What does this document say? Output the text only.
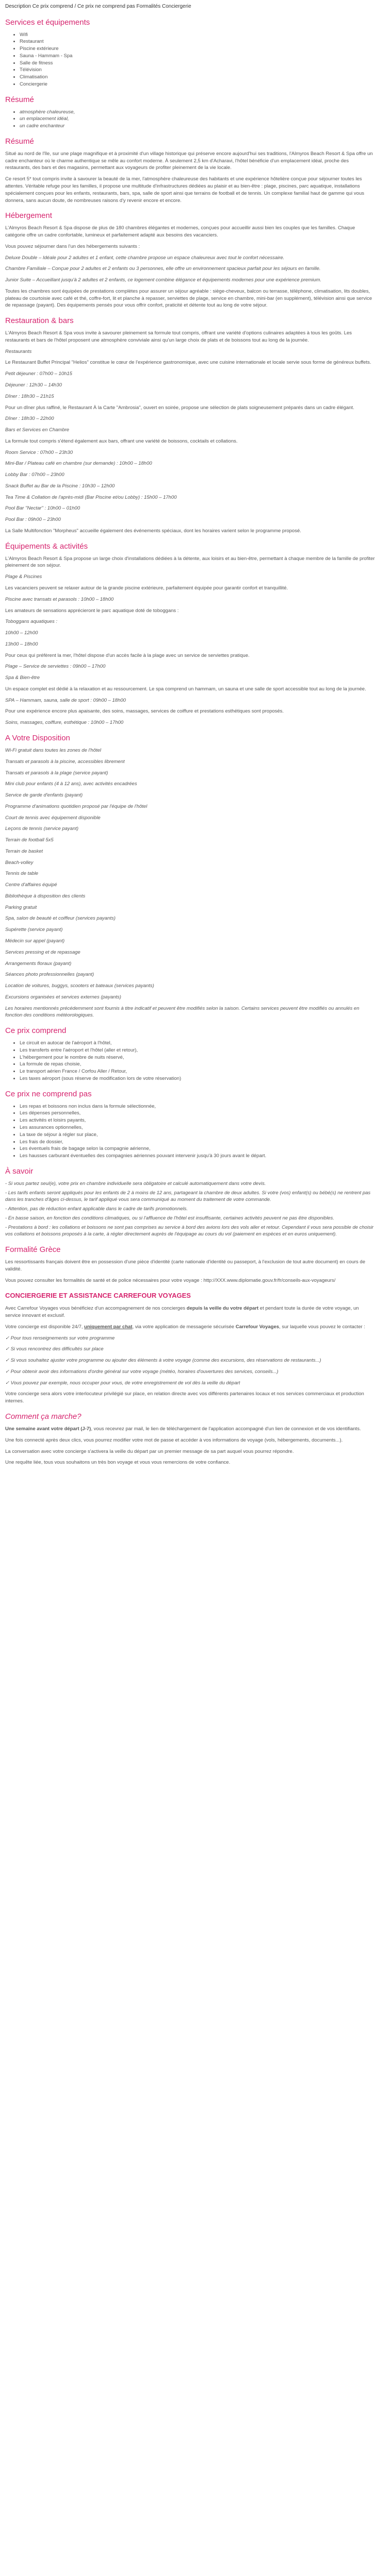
Description Ce prix comprend / Ce prix ne comprend pas Formalités Conciergerie
Services et équipements
• Wifi
• Restaurant
• Piscine extérieure
• Sauna - Hammam - Spa
• Salle de fitness
• Télévision
• Climatisation
• Conciergerie
Résumé
• atmosphère chaleureuse,
• un emplacement idéal,
• un cadre enchanteur
Résumé

Situé au nord de l'île, sur une plage magnifique et à proximité d'un village historique qui préserve encore aujourd'hui ses traditions, l'Almyros Beach Resort & Spa offre un cadre enchanteur où le charme authentique se mêle au confort moderne. À seulement 2,5 km d'Acharavi, l'hôtel bénéficie d'un emplacement idéal, proche des restaurants, des bars et des magasins, permettant aux voyageurs de profiter pleinement de la vie locale.

Ce resort 5* tout compris invite à savourer la beauté de la mer, l'atmosphère chaleureuse des habitants et une expérience hôtelière conçue pour séjourner toutes les attentes. Véritable refuge pour les familles, il propose une multitude d'infrastructures dédiées au plaisir et au bien-être : plage, piscines, parc aquatique, installations spécialement conçues pour les enfants, restaurants, bars, spa, salle de sport ainsi que terrains de football et de tennis. Un complexe familial haut de gamme qui vous donnera, sans aucun doute, de nombreuses raisons d'y revenir encore et encore.

Hébergement

L'Almyros Beach Resort & Spa dispose de plus de 180 chambres élégantes et modernes, conçues pour accueillir aussi bien les couples que les familles. Chaque catégorie offre un cadre confortable, lumineux et parfaitement adapté aux besoins des vacanciers.

Vous pouvez séjourner dans l'un des hébergements suivants :

Deluxe Double – Idéale pour 2 adultes et 1 enfant, cette chambre propose un espace chaleureux avec tout le confort nécessaire.

Chambre Familiale – Conçue pour 2 adultes et 2 enfants ou 3 personnes, elle offre un environnement spacieux parfait pour les séjours en famille.

Junior Suite – Accueillant jusqu'à 2 adultes et 2 enfants, ce logement combine élégance et équipements modernes pour une expérience premium.

Toutes les chambres sont équipées de prestations complètes pour assurer un séjour agréable : siège-cheveux, balcon ou terrasse, téléphone, climatisation, lits doubles, plateau de courtoisie avec café et thé, coffre-fort, lit et planche à repasser, serviettes de plage, service en chambre, mini-bar (en supplément), télévision ainsi que service de repassage (payant). Des équipements pensés pour vous offrir confort, praticité et détente tout au long de votre séjour.

Restauration & bars

L'Almyros Beach Resort & Spa vous invite à savourer pleinement sa formule tout compris, offrant une variété d'options culinaires adaptées à tous les goûts. Les restaurants et bars de l'hôtel proposent une atmosphère conviviale ainsi qu'un large choix de plats et de boissons tout au long de la journée.

Restaurants

Le Restaurant Buffet Principal "Helios" constitue le cœur de l'expérience gastronomique, avec une cuisine internationale et locale servie sous forme de généreux buffets.

Petit déjeuner : 07h00 – 10h15

Déjeuner : 12h30 – 14h30

Dîner : 18h30 – 21h15

Pour un dîner plus raffiné, le Restaurant À la Carte "Ambrosia", ouvert en soirée, propose une sélection de plats soigneusement préparés dans un cadre élégant.

Dîner : 18h30 – 22h00

Bars et Services en Chambre

La formule tout compris s'étend également aux bars, offrant une variété de boissons, cocktails et collations.

Room Service : 07h00 – 23h30

Mini-Bar / Plateau café en chambre (sur demande) : 10h00 – 18h00

Lobby Bar : 07h00 – 23h00

Snack Buffet au Bar de la Piscine : 10h30 – 12h00

Tea Time & Collation de l'après-midi (Bar Piscine et/ou Lobby) : 15h00 – 17h00

Pool Bar "Nectar" : 10h00 – 01h00

Pool Bar : 09h00 – 23h00

La Salle Multifonction "Morpheus" accueille également des événements spéciaux, dont les horaires varient selon le programme proposé.

Équipements & activités

L'Almyros Beach Resort & Spa propose un large choix d'installations dédiées à la détente, aux loisirs et au bien-être, permettant à chaque membre de la famille de profiter pleinement de son séjour.

Plage & Piscines

Les vacanciers peuvent se relaxer autour de la grande piscine extérieure, parfaitement équipée pour garantir confort et tranquillité.

Piscine avec transats et parasols : 10h00 – 18h00

Les amateurs de sensations apprécieront le parc aquatique doté de toboggans :

Toboggans aquatiques :

10h00 – 12h00

13h00 – 18h00

Pour ceux qui préfèrent la mer, l'hôtel dispose d'un accès facile à la plage avec un service de serviettes pratique.

Plage – Service de serviettes : 09h00 – 17h00

Spa & Bien-être

Un espace complet est dédié à la relaxation et au ressourcement. Le spa comprend un hammam, un sauna et une salle de sport accessible tout au long de la journée.

SPA – Hammam, sauna, salle de sport : 09h00 – 18h00

Pour une expérience encore plus apaisante, des soins, massages, services de coiffure et prestations esthétiques sont proposés.

Soins, massages, coiffure, esthétique : 10h00 – 17h00

A Votre Disposition

Wi-Fi gratuit dans toutes les zones de l'hôtel

Transats et parasols à la piscine, accessibles librement

Transats et parasols à la plage (service payant)

Mini club pour enfants (4 à 12 ans), avec activités encadrées

Service de garde d'enfants (payant)

Programme d'animations quotidien proposé par l'équipe de l'hôtel

Court de tennis avec équipement disponible

Leçons de tennis (service payant)

Terrain de football 5x5

Terrain de basket

Beach-volley

Tennis de table

Centre d'affaires équipé

Bibliothèque à disposition des clients

Parking gratuit

Spa, salon de beauté et coiffeur (services payants)

Supérette (service payant)

Médecin sur appel (payant)

Services pressing et de repassage

Arrangements floraux (payant)

Séances photo professionnelles (payant)

Location de voitures, buggys, scooters et bateaux (services payants)

Excursions organisées et services externes (payants)

Les horaires mentionnés précédemment sont fournis à titre indicatif et peuvent être modifiés selon la saison. Certains services peuvent être modifiés ou annulés en fonction des conditions météorologiques.

Ce prix comprend
• Le circuit en autocar de l'aéroport à l'hôtel,
• Les transferts entre l'aéroport et l'hôtel (aller et retour),
• L'hébergement pour le nombre de nuits réservé,
• La formule de repas choisie,
• Le transport aérien France / Corfou Aller / Retour,
• Les taxes aéroport (sous réserve de modification lors de votre réservation)
Ce prix ne comprend pas
• Les repas et boissons non inclus dans la formule sélectionnée,
• Les dépenses personnelles,
• Les activités et loisirs payants,
• Les assurances optionnelles,
• La taxe de séjour à régler sur place,
• Les frais de dossier,
• Les éventuels frais de bagage selon la compagnie aérienne,
• Les hausses carburant éventuelles des compagnies aériennes pouvant intervenir jusqu'à 30 jours avant le départ.
À savoir

- Si vous partez seul(e), votre prix en chambre individuelle sera obligatoire et calculé automatiquement dans votre devis.

- Les tarifs enfants seront appliqués pour les enfants de 2 à moins de 12 ans, partageant la chambre de deux adultes. Si votre (vos) enfant(s) ou bébé(s) ne rentrent pas dans les tranches d'âges ci-dessus, le tarif appliqué vous sera communiqué au moment du traitement de votre commande.

- Attention, pas de réduction enfant applicable dans le cadre de tarifs promotionnels.

- En basse saison, en fonction des conditions climatiques, ou si l'affluence de l'hôtel est insuffisante, certaines activités peuvent ne pas être disponibles.

- Prestations à bord : les collations et boissons ne sont pas comprises au service à bord des avions lors des vols aller et retour. Cependant il vous sera possible de choisir vos collations et boissons proposés à la carte, à régler directement auprès de l'équipage au cours du vol (paiement en espèces et en euros uniquement).

Formalité Grèce

Les ressortissants français doivent être en possession d'une pièce d'identité (carte nationale d'identité ou passeport, à l'exclusion de tout autre document) en cours de validité.

Vous pouvez consulter les formalités de santé et de police nécessaires pour votre voyage : http://XXX.www.diplomatie.gouv.fr/fr/conseils-aux-voyageurs/

CONCIERGERIE ET ASSISTANCE CARREFOUR VOYAGES

Avec Carrefour Voyages vous bénéficiez d'un accompagnement de nos concierges depuis la veille du votre départ et pendant toute la durée de votre voyage, un service innovant et exclusif.

Votre concierge est disponible 24/7, uniquement par chat, via votre application de messagerie sécurisée Carrefour Voyages, sur laquelle vous pouvez le contacter :

✓ Pour tous renseignements sur votre programme

✓ Si vous rencontrez des difficultés sur place

✓ Si vous souhaitez ajuster votre programme ou ajouter des éléments à votre voyage (comme des excursions, des réservations de restaurants...)

✓ Pour obtenir avoir des informations d'ordre général sur votre voyage (météo, horaires d'ouvertures des services, conseils...)

✓ Vous pouvez par exemple, nous occuper pour vous, de votre enregistrement de vol dès la veille du départ

Votre concierge sera alors votre interlocuteur privilégié sur place, en relation directe avec vos différents partenaires locaux et nos services commerciaux et production internes.

Comment ça marche?

Une semaine avant votre départ (J-7), vous recevrez par mail, le lien de téléchargement de l'application accompagné d'un lien de connexion et de vos identifiants.

Une fois connecté après deux clics, vous pourrez modifier votre mot de passe et accéder à vos informations de voyage (vols, hébergements, documents...).

La conversation avec votre concierge s'activera la veille du départ par un premier message de sa part auquel vous pourrez répondre.

Une requête liée, tous vous souhaitons un très bon voyage et vous vous remercions de votre confiance.
